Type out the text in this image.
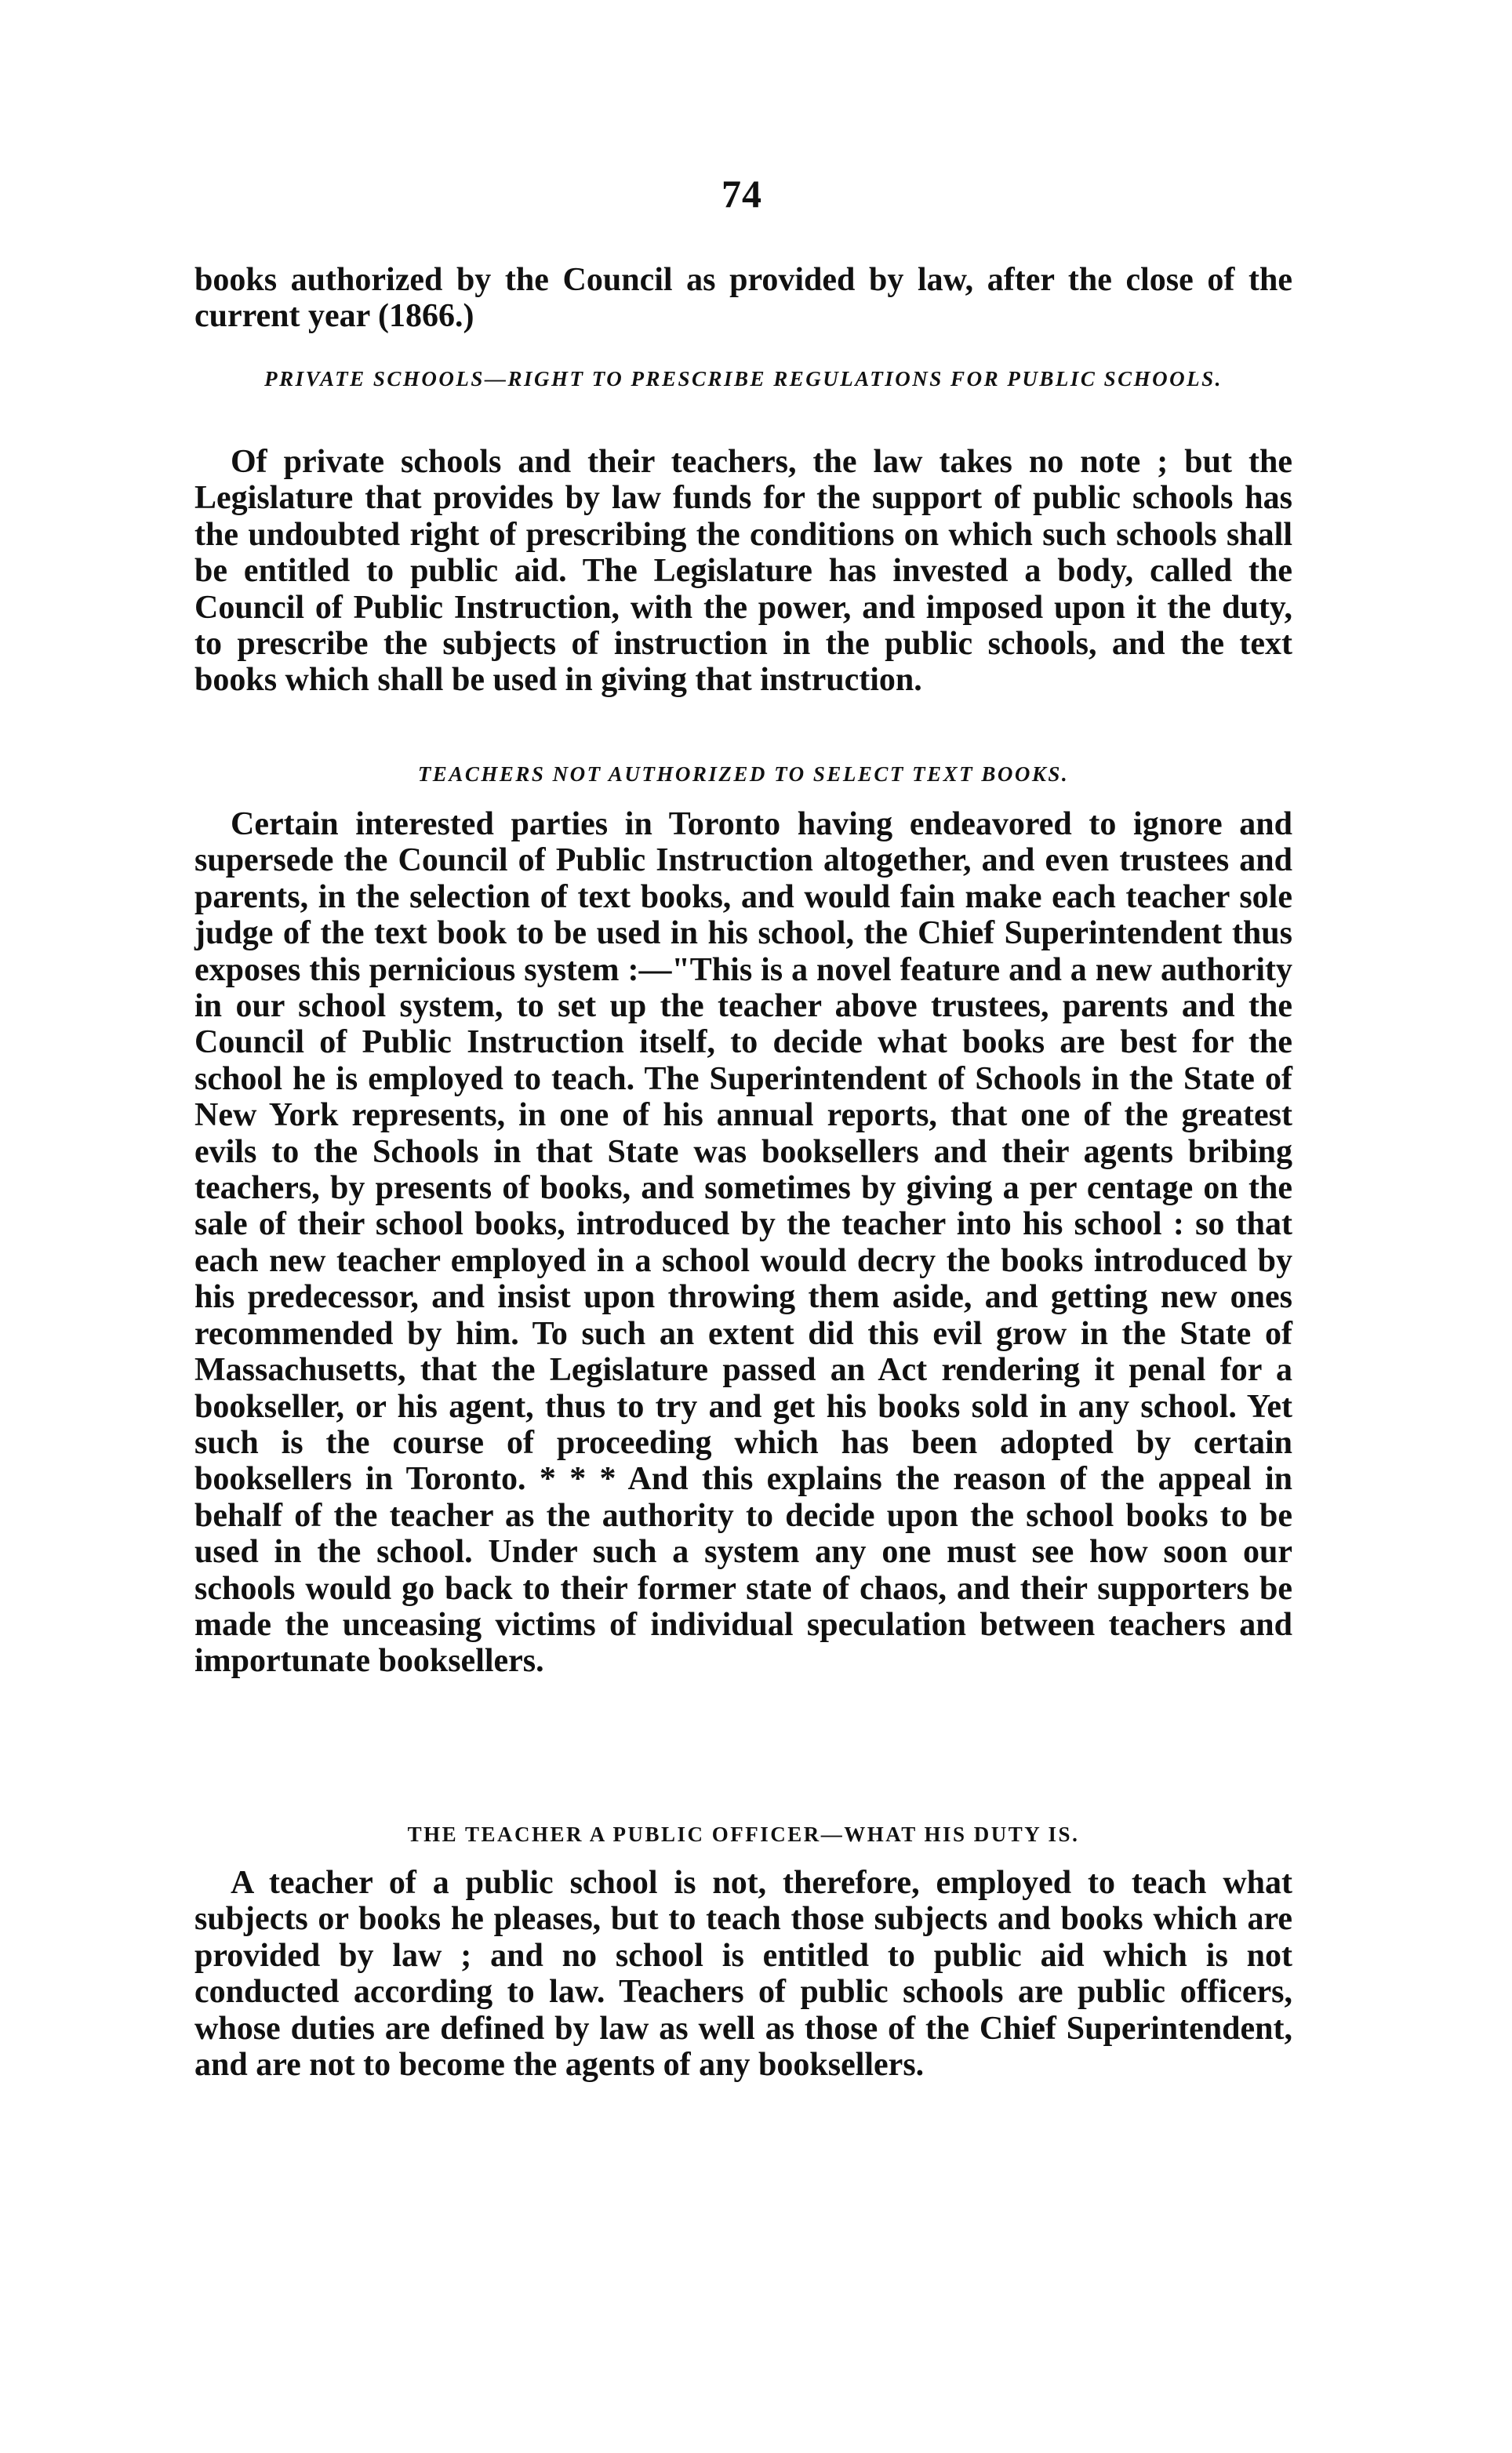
74

books authorized by the Council as provided by law, after the close of the current year (1866.)

PRIVATE SCHOOLS—RIGHT TO PRESCRIBE REGULATIONS FOR PUBLIC SCHOOLS.

Of private schools and their teachers, the law takes no note ; but the Legislature that provides by law funds for the support of public schools has the undoubted right of prescribing the conditions on which such schools shall be entitled to public aid. The Legislature has invested a body, called the Council of Public Instruction, with the power, and imposed upon it the duty, to prescribe the subjects of instruction in the public schools, and the text books which shall be used in giving that instruction.

TEACHERS NOT AUTHORIZED TO SELECT TEXT BOOKS.

Certain interested parties in Toronto having endeavored to ignore and supersede the Council of Public Instruction altogether, and even trustees and parents, in the selection of text books, and would fain make each teacher sole judge of the text book to be used in his school, the Chief Superintendent thus exposes this pernicious system :—"This is a novel feature and a new authority in our school system, to set up the teacher above trustees, parents and the Council of Public Instruction itself, to decide what books are best for the school he is employed to teach. The Superintendent of Schools in the State of New York represents, in one of his annual reports, that one of the greatest evils to the Schools in that State was booksellers and their agents bribing teachers, by presents of books, and sometimes by giving a per centage on the sale of their school books, introduced by the teacher into his school : so that each new teacher employed in a school would decry the books introduced by his predecessor, and insist upon throwing them aside, and getting new ones recommended by him. To such an extent did this evil grow in the State of Massachusetts, that the Legislature passed an Act rendering it penal for a bookseller, or his agent, thus to try and get his books sold in any school. Yet such is the course of proceeding which has been adopted by certain booksellers in Toronto. * * * And this explains the reason of the appeal in behalf of the teacher as the authority to decide upon the school books to be used in the school. Under such a system any one must see how soon our schools would go back to their former state of chaos, and their supporters be made the unceasing victims of individual speculation between teachers and importunate booksellers.

THE TEACHER A PUBLIC OFFICER—WHAT HIS DUTY IS.

A teacher of a public school is not, therefore, employed to teach what subjects or books he pleases, but to teach those subjects and books which are provided by law ; and no school is entitled to public aid which is not conducted according to law. Teachers of public schools are public officers, whose duties are defined by law as well as those of the Chief Superintendent, and are not to become the agents of any booksellers.
